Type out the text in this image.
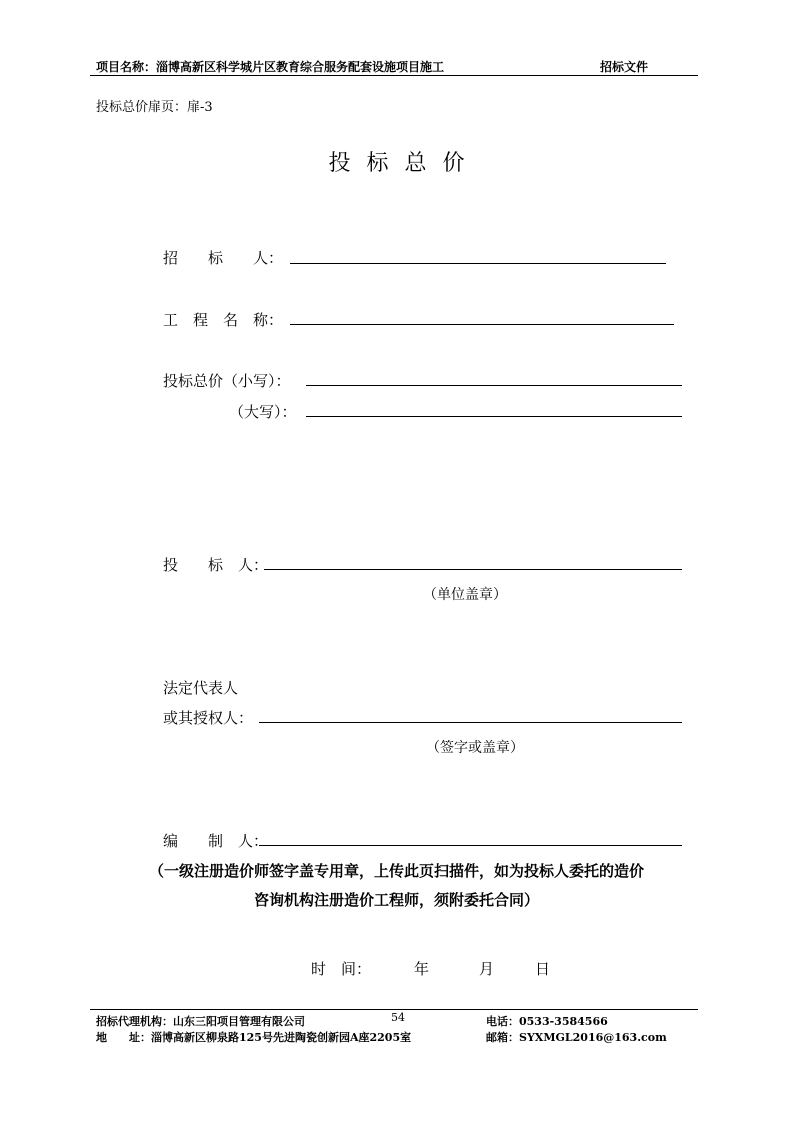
项目名称：淄博高新区科学城片区教育综合服务配套设施项目施工	招标文件
投标总价扉页：扉-3
投标总价
招　　标　　人：
工　程　名　称：
投标总价（小写）：
（大写）：
投　　标　人：
（单位盖章）
法定代表人
或其授权人：
（签字或盖章）
编　　制　人：
（一级注册造价师签字盖专用章，上传此页扫描件，如为投标人委托的造价
咨询机构注册造价工程师，须附委托合同）
时　间：	年	月	日
招标代理机构：山东三阳项目管理有限公司	54	电话：0533-3584566
地　　址：淄博高新区柳泉路125号先进陶瓷创新园A座2205室	邮箱：SYXMGL2016@163.com
